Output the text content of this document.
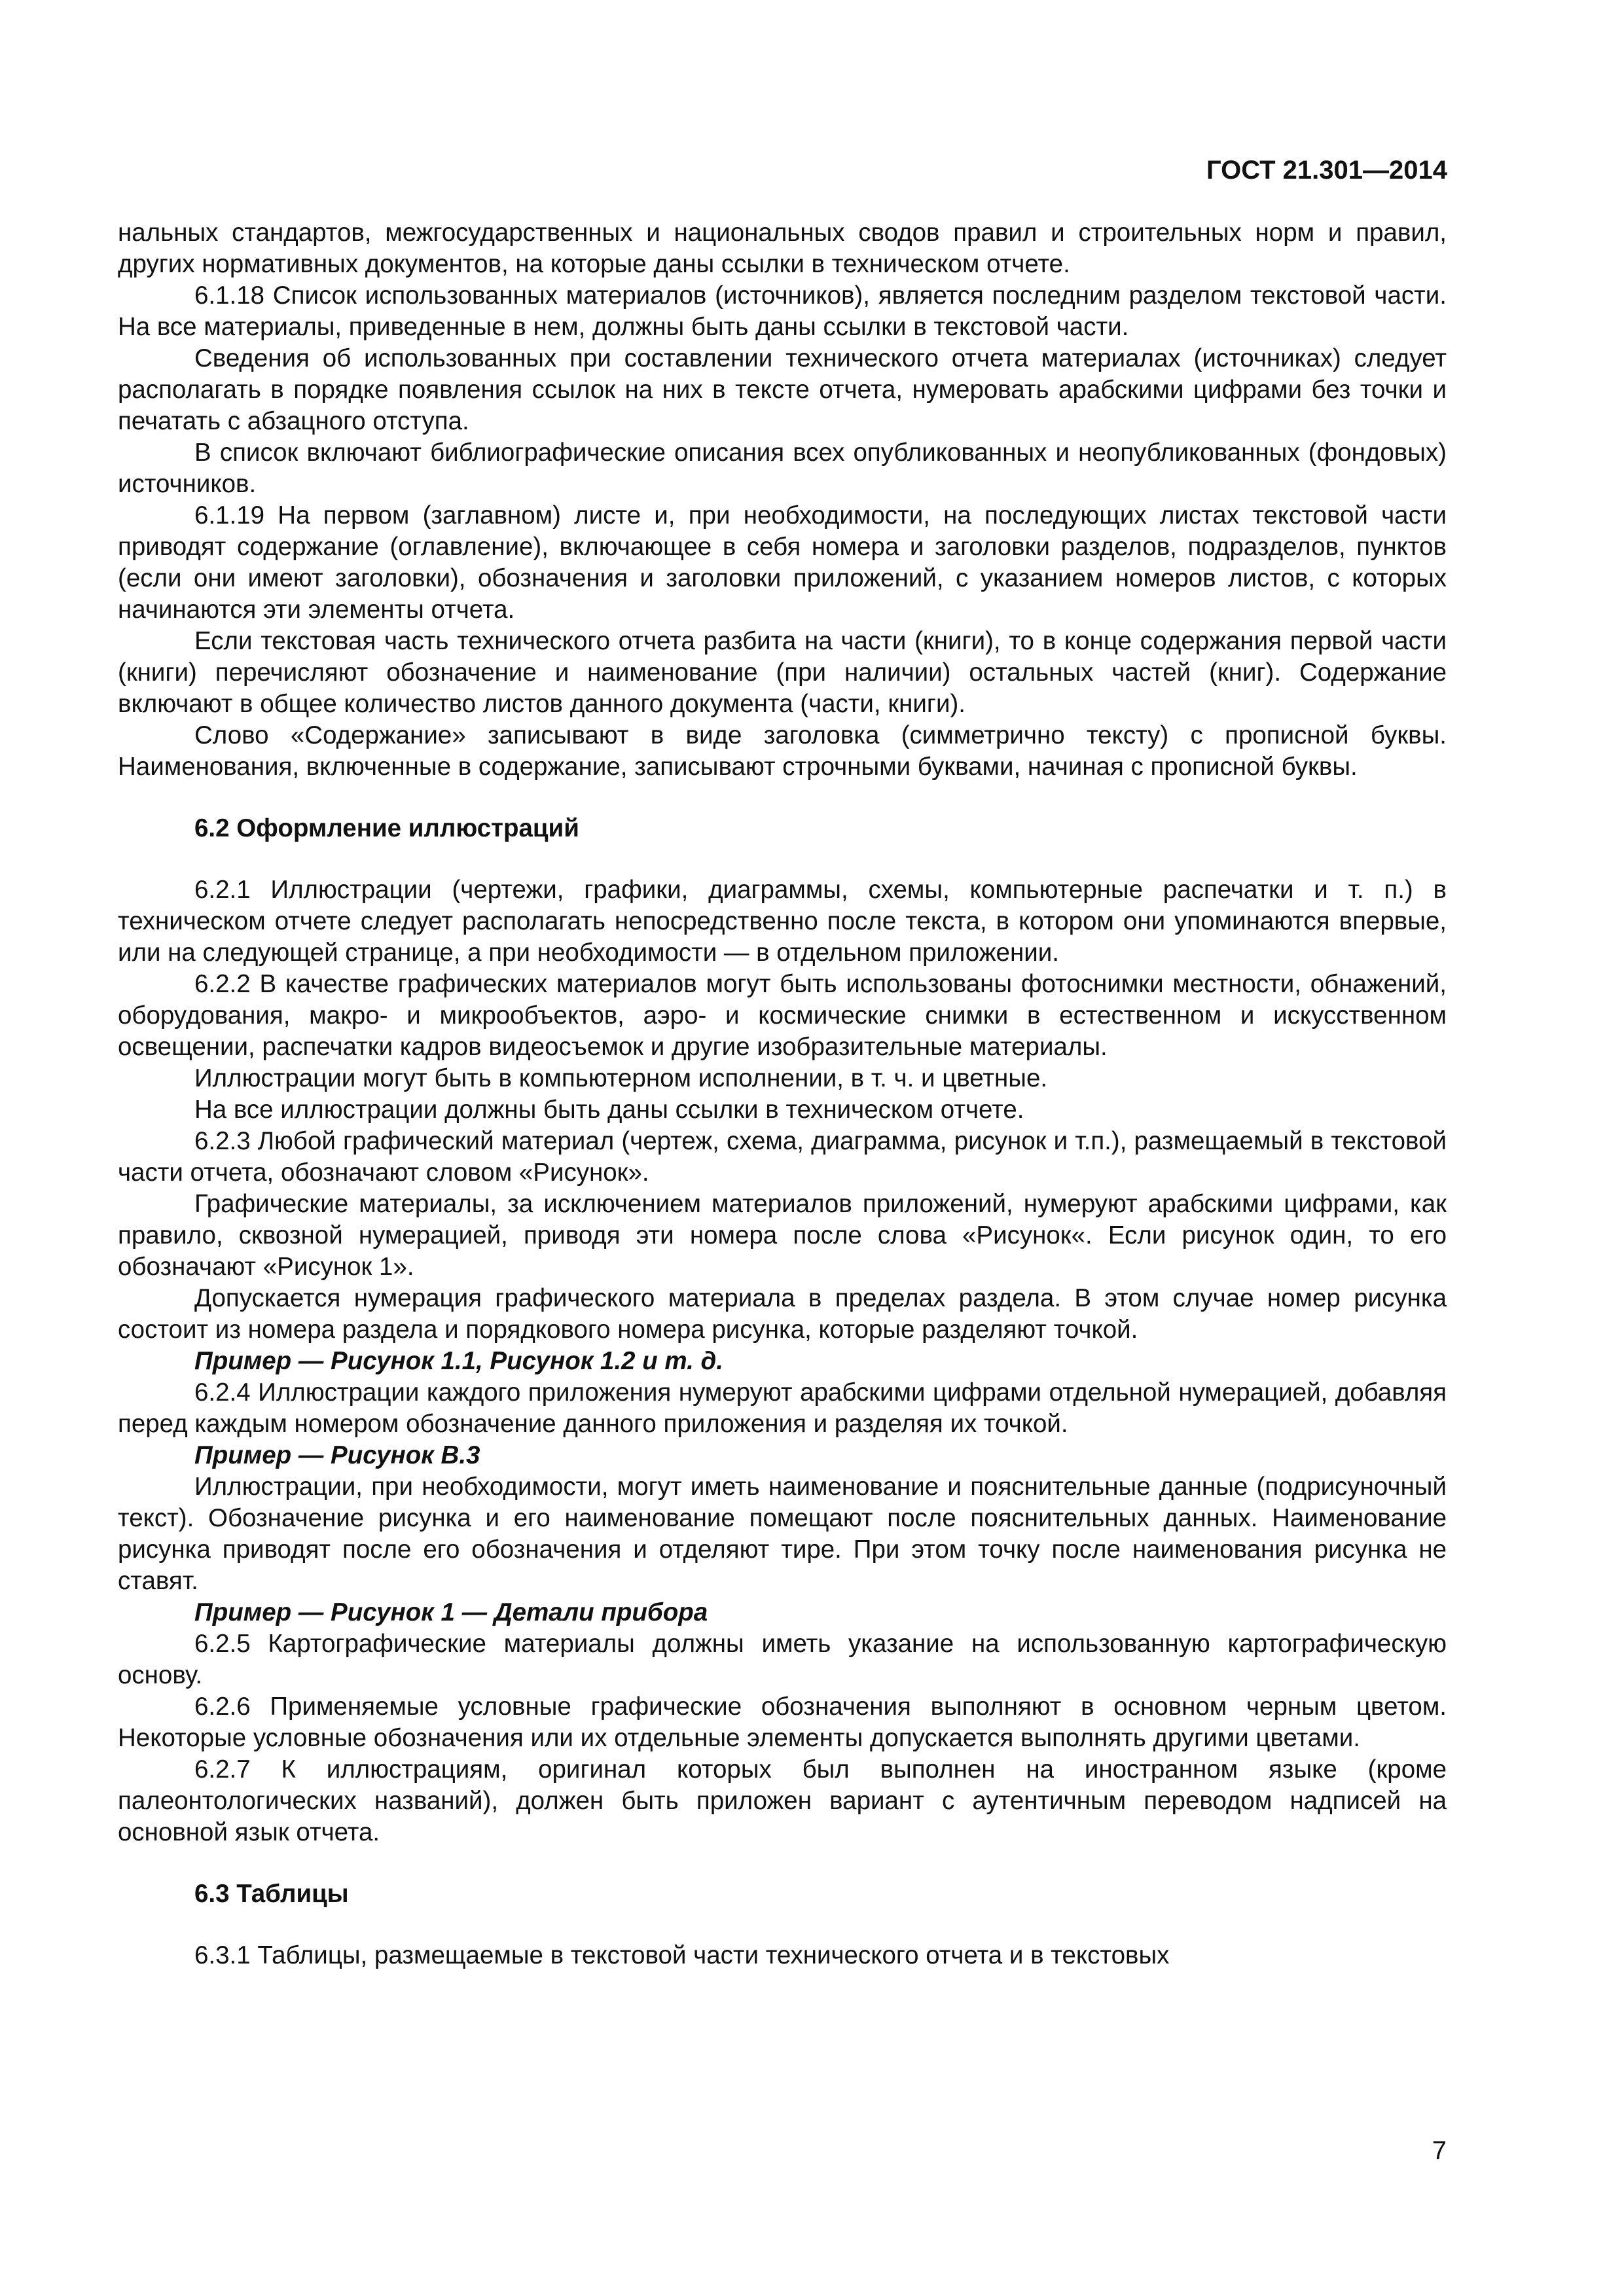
ГОСТ 21.301—2014

нальных стандартов, межгосударственных и национальных сводов правил и строительных норм и правил, других нормативных документов, на которые даны ссылки в техническом отчете.

6.1.18 Список использованных материалов (источников), является последним разделом текстовой части. На все материалы, приведенные в нем, должны быть даны ссылки в текстовой части.

Сведения об использованных при составлении технического отчета материалах (источниках) следует располагать в порядке появления ссылок на них в тексте отчета, нумеровать арабскими цифрами без точки и печатать с абзацного отступа.

В список включают библиографические описания всех опубликованных и неопубликованных (фондовых) источников.

6.1.19 На первом (заглавном) листе и, при необходимости, на последующих листах текстовой части приводят содержание (оглавление), включающее в себя номера и заголовки разделов, подразделов, пунктов (если они имеют заголовки), обозначения и заголовки приложений, с указанием номеров листов, с которых начинаются эти элементы отчета.

Если текстовая часть технического отчета разбита на части (книги), то в конце содержания первой части (книги) перечисляют обозначение и наименование (при наличии) остальных частей (книг). Содержание включают в общее количество листов данного документа (части, книги).

Слово «Содержание» записывают в виде заголовка (симметрично тексту) с прописной буквы. Наименования, включенные в содержание, записывают строчными буквами, начиная с прописной буквы.

6.2 Оформление иллюстраций

6.2.1 Иллюстрации (чертежи, графики, диаграммы, схемы, компьютерные распечатки и т. п.) в техническом отчете следует располагать непосредственно после текста, в котором они упоминаются впервые, или на следующей странице, а при необходимости — в отдельном приложении.

6.2.2 В качестве графических материалов могут быть использованы фотоснимки местности, обнажений, оборудования, макро- и микрообъектов, аэро- и космические снимки в естественном и искусственном освещении, распечатки кадров видеосъемок и другие изобразительные материалы.

Иллюстрации могут быть в компьютерном исполнении, в т. ч. и цветные.

На все иллюстрации должны быть даны ссылки в техническом отчете.

6.2.3 Любой графический материал (чертеж, схема, диаграмма, рисунок и т.п.), размещаемый в текстовой части отчета, обозначают словом «Рисунок».

Графические материалы, за исключением материалов приложений, нумеруют арабскими цифрами, как правило, сквозной нумерацией, приводя эти номера после слова «Рисунок«. Если рисунок один, то его обозначают «Рисунок 1».

Допускается нумерация графического материала в пределах раздела. В этом случае номер рисунка состоит из номера раздела и порядкового номера рисунка, которые разделяют точкой.

Пример — Рисунок 1.1, Рисунок 1.2 и т. д.

6.2.4 Иллюстрации каждого приложения нумеруют арабскими цифрами отдельной нумерацией, добавляя перед каждым номером обозначение данного приложения и разделяя их точкой.

Пример — Рисунок В.3

Иллюстрации, при необходимости, могут иметь наименование и пояснительные данные (подрисуночный текст). Обозначение рисунка и его наименование помещают после пояснительных данных. Наименование рисунка приводят после его обозначения и отделяют тире. При этом точку после наименования рисунка не ставят.

Пример — Рисунок 1 — Детали прибора

6.2.5 Картографические материалы должны иметь указание на использованную картографическую основу.

6.2.6 Применяемые условные графические обозначения выполняют в основном черным цветом. Некоторые условные обозначения или их отдельные элементы допускается выполнять другими цветами.

6.2.7 К иллюстрациям, оригинал которых был выполнен на иностранном языке (кроме палеонтологических названий), должен быть приложен вариант с аутентичным переводом надписей на основной язык отчета.

6.3 Таблицы

6.3.1 Таблицы, размещаемые в текстовой части технического отчета и в текстовых

7
